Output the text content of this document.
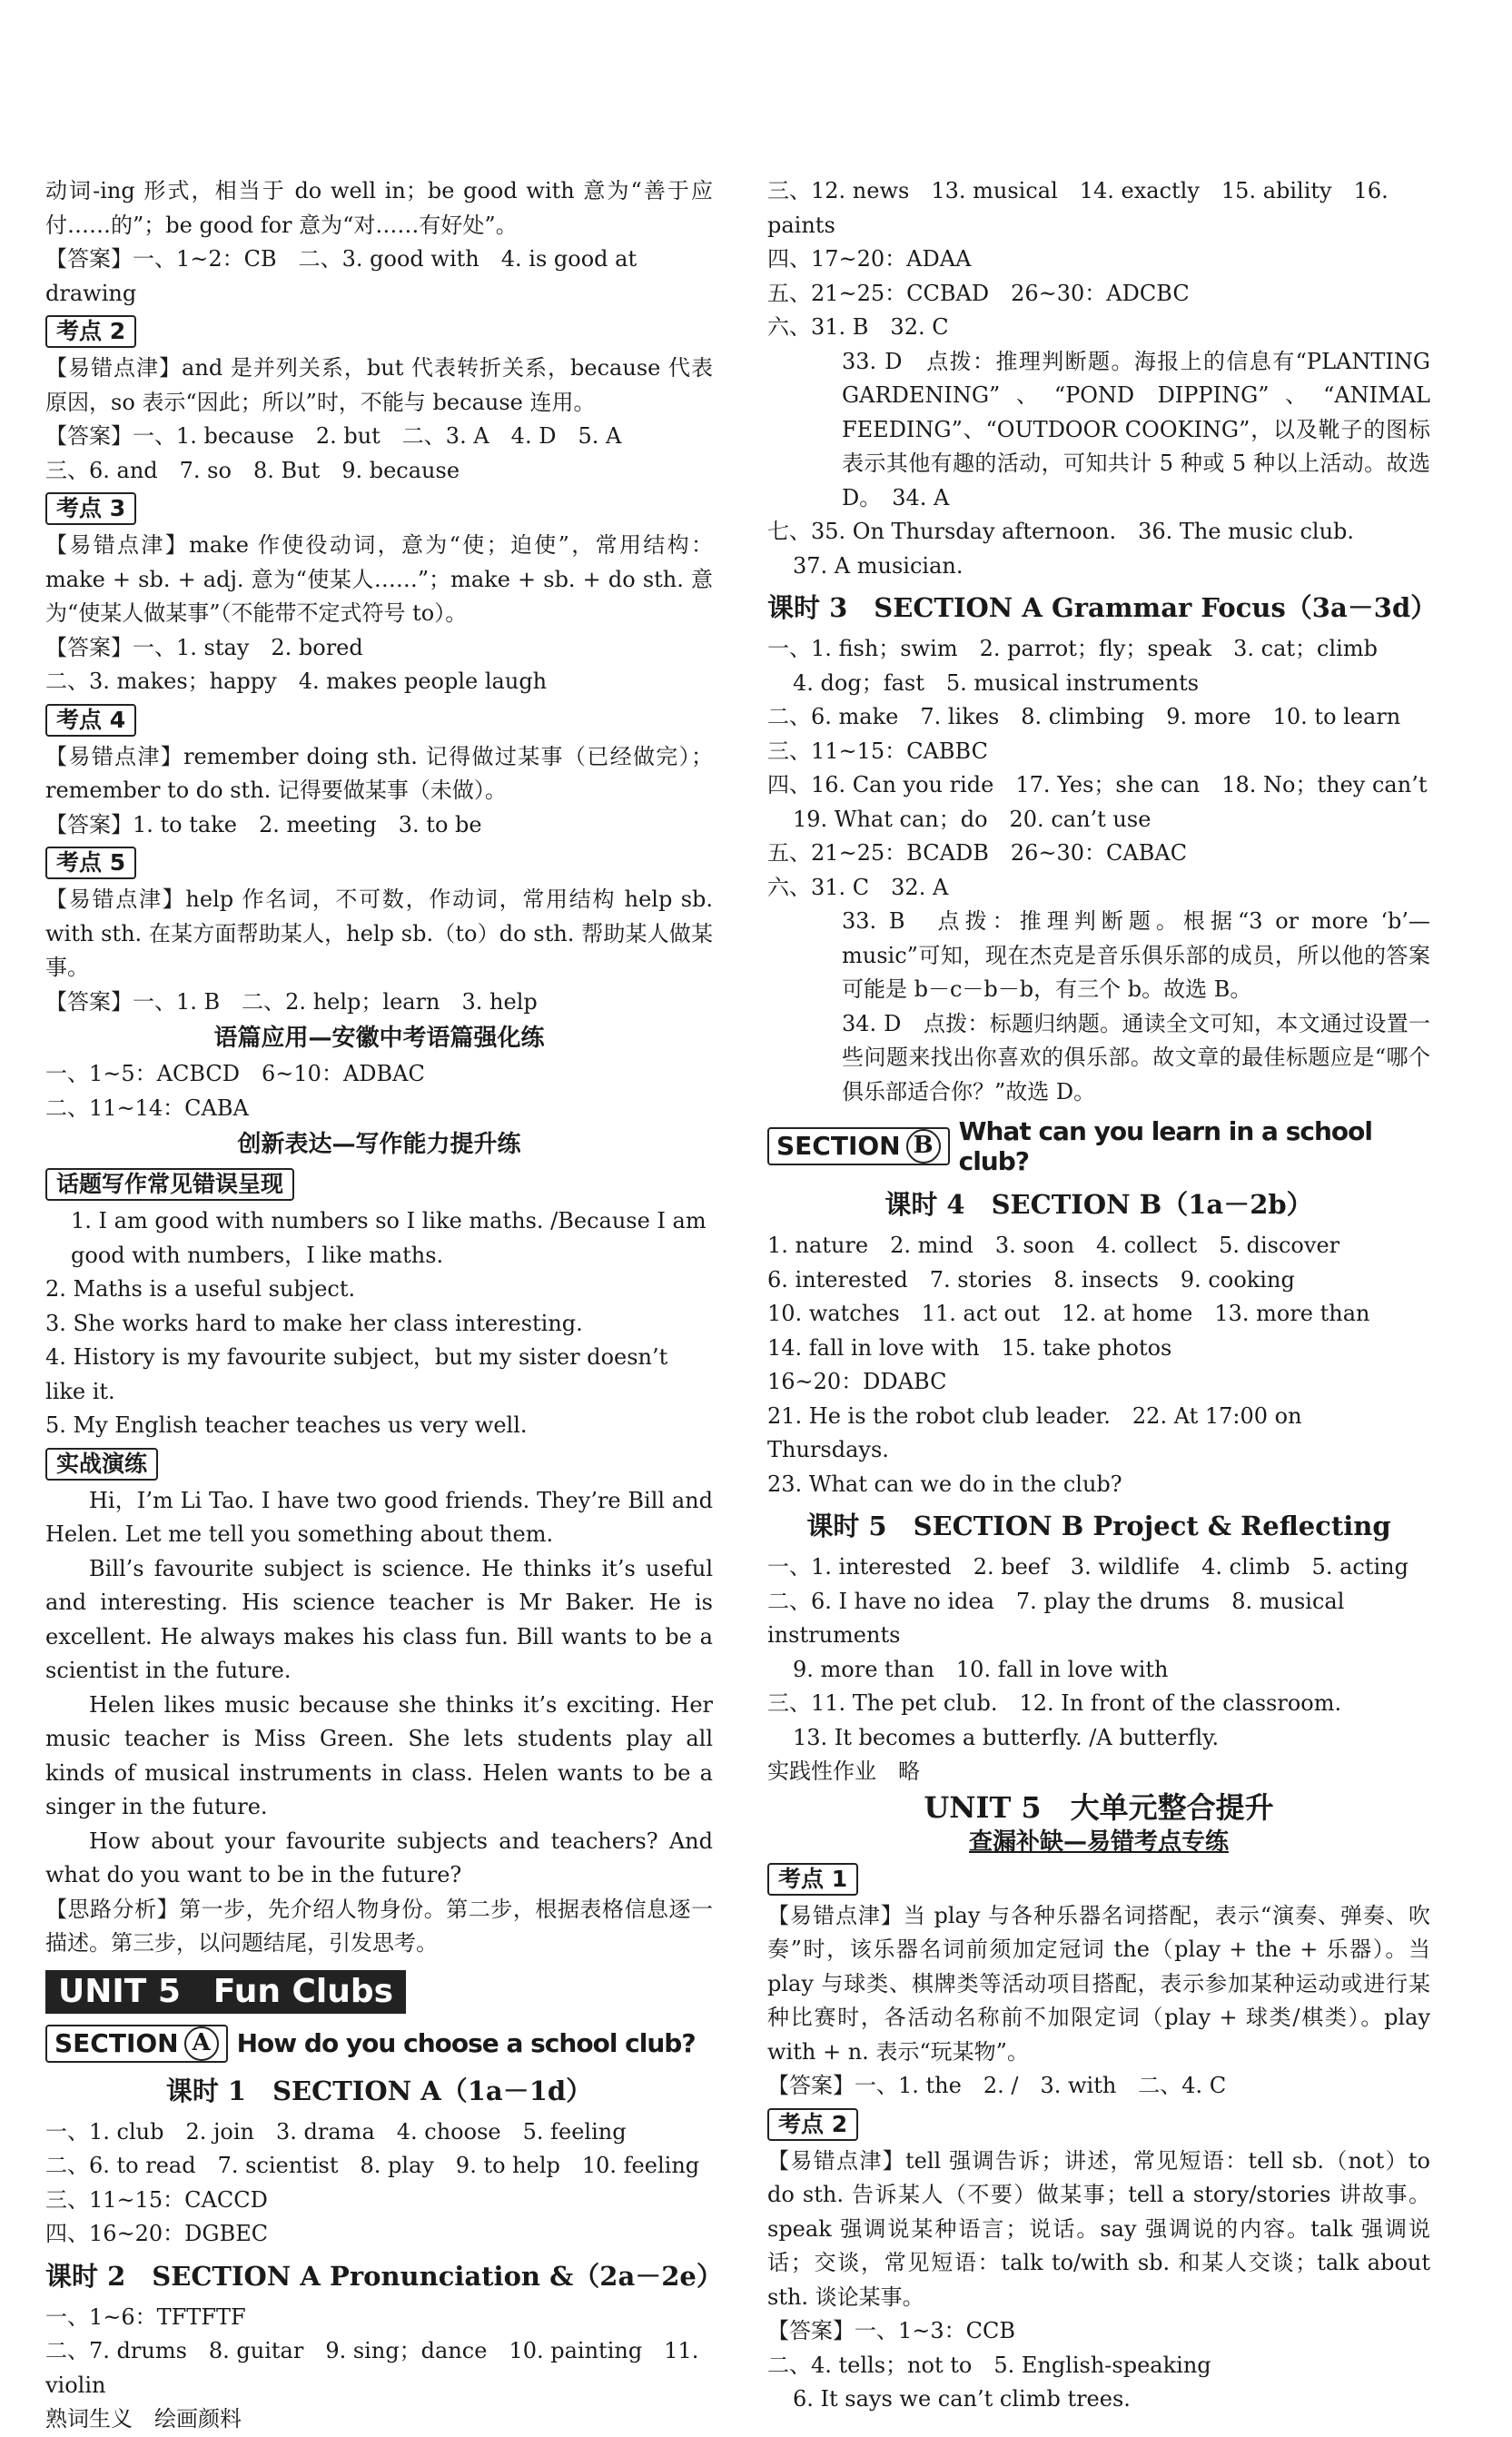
动词-ing 形式，相当于 do well in；be good with 意为“善于应付……的”；be good for 意为“对……有好处”。

【答案】一、1~2：CB　二、3. good with　4. is good at drawing

考点 2

【易错点津】and 是并列关系，but 代表转折关系，because 代表原因，so 表示“因此；所以”时，不能与 because 连用。

【答案】一、1. because　2. but　二、3. A　4. D　5. A

三、6. and　7. so　8. But　9. because

考点 3

【易错点津】make 作使役动词，意为“使；迫使”，常用结构：make + sb. + adj. 意为“使某人……”；make + sb. + do sth. 意为“使某人做某事”（不能带不定式符号 to）。

【答案】一、1. stay　2. bored

二、3. makes；happy　4. makes people laugh

考点 4

【易错点津】remember doing sth. 记得做过某事（已经做完）；remember to do sth. 记得要做某事（未做）。

【答案】1. to take　2. meeting　3. to be

考点 5

【易错点津】help 作名词，不可数，作动词，常用结构 help sb. with sth. 在某方面帮助某人，help sb.（to）do sth. 帮助某人做某事。

【答案】一、1. B　二、2. help；learn　3. help

语篇应用—安徽中考语篇强化练

一、1~5：ACBCD　6~10：ADBAC

二、11~14：CABA

创新表达—写作能力提升练
话题写作常见错误呈现

1. I am good with numbers so I like maths. /Because I am good with numbers，I like maths.

2. Maths is a useful subject.

3. She works hard to make her class interesting.

4. History is my favourite subject，but my sister doesn’t like it.

5. My English teacher teaches us very well.

实战演练

Hi，I’m Li Tao. I have two good friends. They’re Bill and Helen. Let me tell you something about them.

Bill’s favourite subject is science. He thinks it’s useful and interesting. His science teacher is Mr Baker. He is excellent. He always makes his class fun. Bill wants to be a scientist in the future.

Helen likes music because she thinks it’s exciting. Her music teacher is Miss Green. She lets students play all kinds of musical instruments in class. Helen wants to be a singer in the future.

How about your favourite subjects and teachers? And what do you want to be in the future?

【思路分析】第一步，先介绍人物身份。第二步，根据表格信息逐一描述。第三步，以问题结尾，引发思考。

UNIT 5　Fun Clubs
SECTION A	How do you choose a school club?
课时 1　SECTION A（1a－1d）

一、1. club　2. join　3. drama　4. choose　5. feeling

二、6. to read　7. scientist　8. play　9. to help　10. feeling

三、11~15：CACCD

四、16~20：DGBEC

课时 2　SECTION A Pronunciation &（2a－2e）

一、1~6：TFTFTF

二、7. drums　8. guitar　9. sing；dance　10. painting　11. violin

熟词生义　绘画颜料

三、12. news　13. musical　14. exactly　15. ability　16. paints

四、17~20：ADAA

五、21~25：CCBAD　26~30：ADCBC

六、31. B　32. C

33. D　点拨：推理判断题。海报上的信息有“PLANTING GARDENING”、“POND DIPPING”、“ANIMAL FEEDING”、“OUTDOOR COOKING”，以及靴子的图标表示其他有趣的活动，可知共计 5 种或 5 种以上活动。故选 D。　34. A

七、35. On Thursday afternoon.　36. The music club.

37. A musician.

课时 3　SECTION A Grammar Focus（3a－3d）

一、1. fish；swim　2. parrot；fly；speak　3. cat；climb

4. dog；fast　5. musical instruments

二、6. make　7. likes　8. climbing　9. more　10. to learn

三、11~15：CABBC

四、16. Can you ride　17. Yes；she can　18. No；they can’t

19. What can；do　20. can’t use

五、21~25：BCADB　26~30：CABAC

六、31. C　32. A

33. B　点拨：推理判断题。根据“3 or more ‘b’—music”可知，现在杰克是音乐俱乐部的成员，所以他的答案可能是 b－c－b－b，有三个 b。故选 B。

34. D　点拨：标题归纳题。通读全文可知，本文通过设置一些问题来找出你喜欢的俱乐部。故文章的最佳标题应是“哪个俱乐部适合你？”故选 D。

SECTION B What can you learn in a school club?
课时 4　SECTION B（1a－2b）

1. nature　2. mind　3. soon　4. collect　5. discover

6. interested　7. stories　8. insects　9. cooking

10. watches　11. act out　12. at home　13. more than

14. fall in love with　15. take photos

16~20：DDABC

21. He is the robot club leader.　22. At 17:00 on Thursdays.

23. What can we do in the club?

课时 5　SECTION B Project & Reflecting

一、1. interested　2. beef　3. wildlife　4. climb　5. acting

二、6. I have no idea　7. play the drums　8. musical instruments

9. more than　10. fall in love with

三、11. The pet club.　12. In front of the classroom.

13. It becomes a butterfly. /A butterfly.

实践性作业　略

UNIT 5　大单元整合提升
查漏补缺—易错考点专练
考点 1

【易错点津】当 play 与各种乐器名词搭配，表示“演奏、弹奏、吹奏”时，该乐器名词前须加定冠词 the（play + the + 乐器）。当 play 与球类、棋牌类等活动项目搭配，表示参加某种运动或进行某种比赛时，各活动名称前不加限定词（play + 球类/棋类）。play with + n. 表示“玩某物”。

【答案】一、1. the　2. /　3. with　二、4. C

考点 2

【易错点津】tell 强调告诉；讲述，常见短语：tell sb.（not）to do sth. 告诉某人（不要）做某事；tell a story/stories 讲故事。speak 强调说某种语言；说话。say 强调说的内容。talk 强调说话；交谈，常见短语：talk to/with sb. 和某人交谈；talk about sth. 谈论某事。

【答案】一、1~3：CCB

二、4. tells；not to　5. English-speaking

6. It says we can’t climb trees.
